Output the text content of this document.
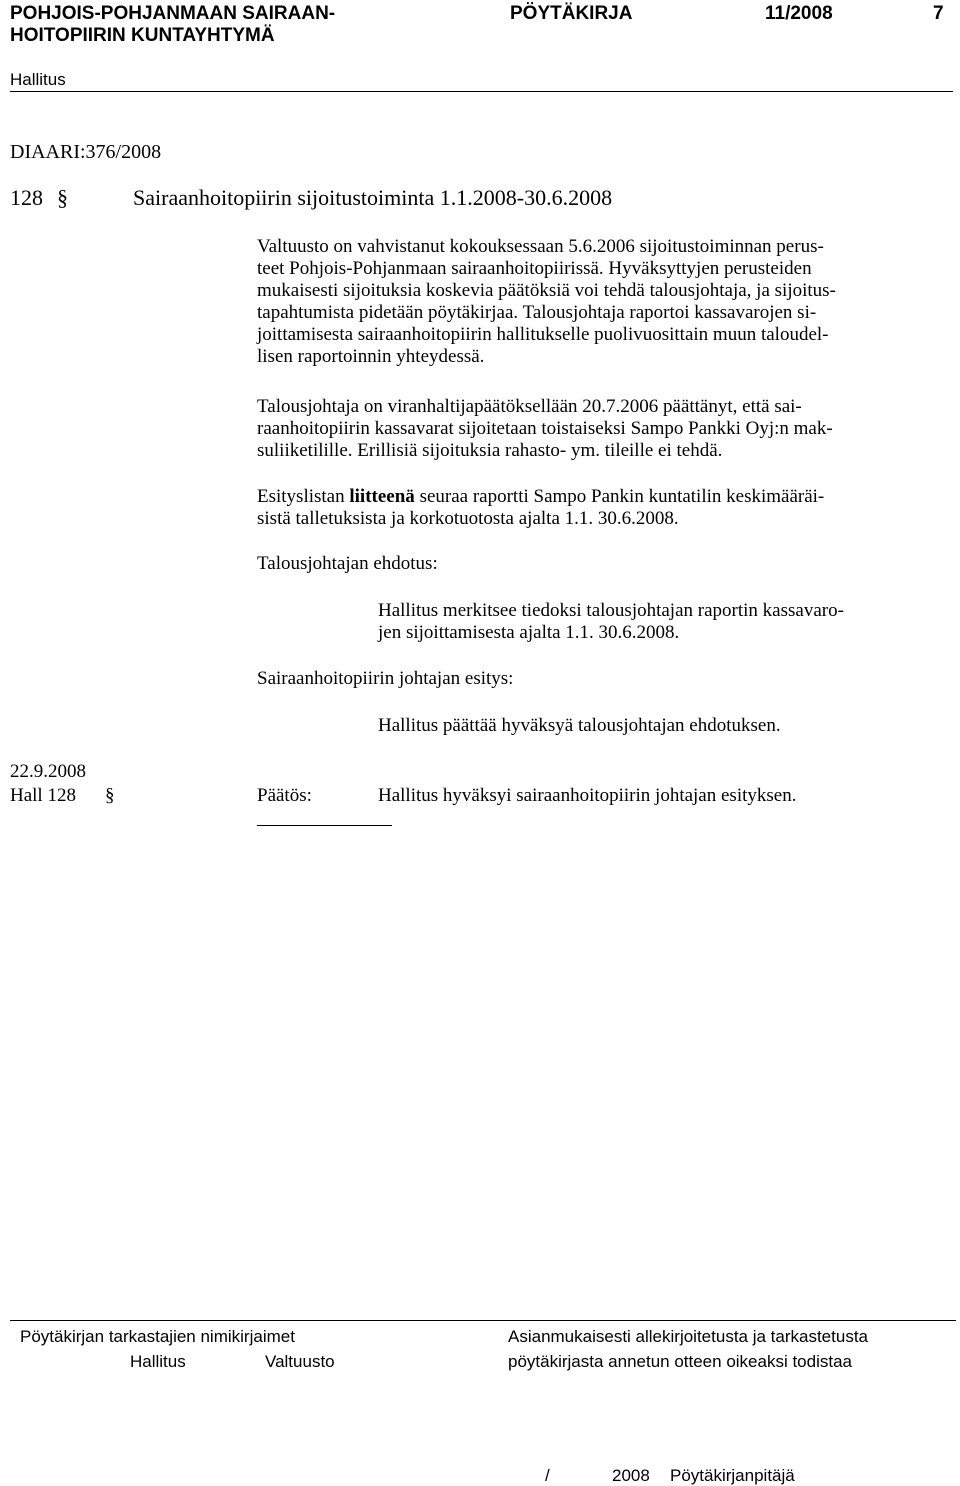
POHJOIS-POHJANMAAN SAIRAAN-
HOITOPIIRIN KUNTAYHTYMÄ
PÖYTÄKIRJA	11/2008	7
Hallitus
DIAARI:376/2008
128 §	Sairaanhoitopiirin sijoitustoiminta 1.1.2008-30.6.2008
Valtuusto on vahvistanut kokouksessaan 5.6.2006 sijoitustoiminnan perus-
teet Pohjois-Pohjanmaan sairaanhoitopiirissä. Hyväksyttyjen perusteiden
mukaisesti sijoituksia koskevia päätöksiä voi tehdä talousjohtaja, ja sijoitus-
tapahtumista pidetään pöytäkirjaa. Talousjohtaja raportoi kassavarojen si-
joittamisesta sairaanhoitopiirin hallitukselle puolivuosittain muun taloudel-
lisen raportoinnin yhteydessä.
Talousjohtaja on viranhaltijapäätöksellään 20.7.2006 päättänyt, että sai-
raanhoitopiirin kassavarat sijoitetaan toistaiseksi Sampo Pankki Oyj:n mak-
suliiketilille. Erillisiä sijoituksia rahasto- ym. tileille ei tehdä.
Esityslistan liitteenä seuraa raportti Sampo Pankin kuntatilin keskimääräi-
sistä talletuksista ja korkotuotosta ajalta 1.1. 30.6.2008.
Talousjohtajan ehdotus:
Hallitus merkitsee tiedoksi talousjohtajan raportin kassavaro-
jen sijoittamisesta ajalta 1.1. 30.6.2008.
Sairaanhoitopiirin johtajan esitys:
Hallitus päättää hyväksyä talousjohtajan ehdotuksen.
22.9.2008
Hall 128 §	Päätös:	Hallitus hyväksyi sairaanhoitopiirin johtajan esityksen.
Pöytäkirjan tarkastajien nimikirjaimet
Hallitus	Valtuusto
Asianmukaisesti allekirjoitetusta ja tarkastetusta
pöytäkirjasta annetun otteen oikeaksi todistaa
/	2008 Pöytäkirjanpitäjä
